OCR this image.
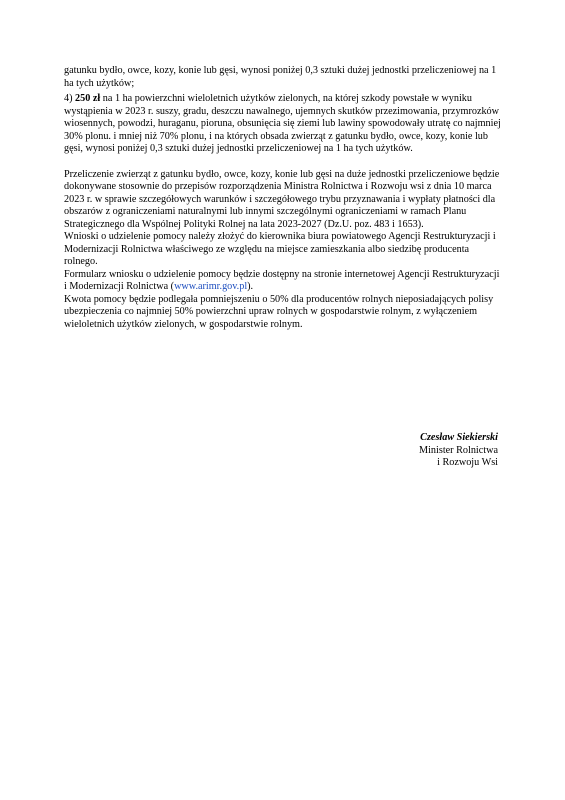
gatunku bydło, owce, kozy, konie lub gęsi, wynosi poniżej 0,3 sztuki dużej jednostki przeliczeniowej na 1 ha tych użytków;

4) 250 zł na 1 ha powierzchni wieloletnich użytków zielonych, na której szkody powstałe w wyniku wystąpienia w 2023 r. suszy, gradu, deszczu nawalnego, ujemnych skutków przezimowania, przymrozków wiosennych, powodzi, huraganu, pioruna, obsunięcia się ziemi lub lawiny spowodowały utratę co najmniej 30% plonu. i mniej niż 70% plonu, i na których obsada zwierząt z gatunku bydło, owce, kozy, konie lub gęsi, wynosi poniżej 0,3 sztuki dużej jednostki przeliczeniowej na 1 ha tych użytków.

Przeliczenie zwierząt z gatunku bydło, owce, kozy, konie lub gęsi na duże jednostki przeliczeniowe będzie dokonywane stosownie do przepisów rozporządzenia Ministra Rolnictwa i Rozwoju wsi z dnia 10 marca 2023 r. w sprawie szczegółowych warunków i szczegółowego trybu przyznawania i wypłaty płatności dla obszarów z ograniczeniami naturalnymi lub innymi szczególnymi ograniczeniami w ramach Planu Strategicznego dla Wspólnej Polityki Rolnej na lata 2023-2027 (Dz.U. poz. 483 i 1653).

Wnioski o udzielenie pomocy należy złożyć do kierownika biura powiatowego Agencji Restrukturyzacji i Modernizacji Rolnictwa właściwego ze względu na miejsce zamieszkania albo siedzibę producenta rolnego.

Formularz wniosku o udzielenie pomocy będzie dostępny na stronie internetowej Agencji Restrukturyzacji i Modernizacji Rolnictwa (www.arimr.gov.pl).

Kwota pomocy będzie podlegała pomniejszeniu o 50% dla producentów rolnych nieposiadających polisy ubezpieczenia co najmniej 50% powierzchni upraw rolnych w gospodarstwie rolnym, z wyłączeniem wieloletnich użytków zielonych, w gospodarstwie rolnym.

Czesław Siekierski
Minister Rolnictwa
i Rozwoju Wsi
